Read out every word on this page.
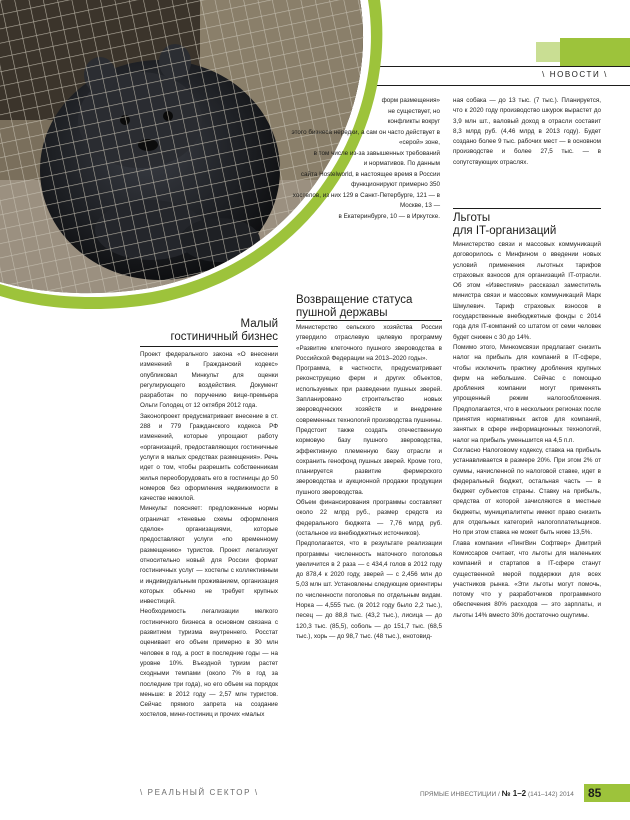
\ НОВОСТИ \
Малый
гостиничный бизнес

Проект федерального закона «О внесении изменений в Гражданский кодекс» опубликовал Минкульт для оценки регулирующего воздействия. Документ разработан по поручению вице-премьера Ольги Голодец от 12 октября 2012 года.

Законопроект предусматривает внесение в ст. 288 и 779 Гражданского кодекса РФ изменений, которые упрощают работу «организаций, предоставляющих гостиничные услуги в малых средствах размещения». Речь идет о том, чтобы разрешить собственникам жилья переоборудовать его в гостиницы до 50 номеров без оформления недвижимости в качестве нежилой.

Минкульт поясняет: предложенные нормы ограничат «теневые схемы оформления сделок» организациями, которые предоставляют услуги «по временному размещению» туристов. Проект легализует относительно новый для России формат гостиничных услуг — хостелы с коллективным и индивидуальным проживанием, организация которых обычно не требует крупных инвестиций.

Необходимость легализации мелкого гостиничного бизнеса в основном связана с развитием туризма внутреннего. Росстат оценивает его объем примерно в 30 млн человек в год, а рост в последние годы — на уровне 10%. Въездной туризм растет сходными темпами (около 7% в год за последние три года), но его объем на порядок меньше: в 2012 году — 2,57 млн туристов. Сейчас прямого запрета на создание хостелов, мини-гостиниц и прочих «малых

форм размещения»
не существует, но
конфликты вокруг
этого бизнеса нередки, а сам он часто действует в «серой» зоне,
в том числе из-за завышенных требований
и нормативов. По данным
сайта Hostelworld, в настоящее время в России
функционируют примерно 350
хостелов, из них 129 в Санкт-Петербурге, 121 — в Москве, 13 —
в Екатеринбурге, 10 — в Иркутске.
Возвращение статуса
пушной державы

Министерство сельского хозяйства России утвердило отраслевую целевую программу «Развитие клеточного пушного звероводства в Российской Федерации на 2013–2020 годы».

Программа, в частности, предусматривает реконструкцию ферм и других объектов, используемых при разведении пушных зверей. Запланировано строительство новых звероводческих хозяйств и внедрение современных технологий производства пушнины. Предстоит также создать отечественную кормовую базу пушного звероводства, эффективную племенную базу отрасли и сохранить генофонд пушных зверей. Кроме того, планируется развитие фермерского звероводства и аукционной продажи продукции пушного звероводства.

Объем финансирования программы составляет около 22 млрд руб., размер средств из федерального бюджета — 7,76 млрд руб. (остальное из внебюджетных источников).

Предполагается, что в результате реализации программы численность маточного поголовья увеличится в 2 раза — с 434,4 голов в 2012 году до 878,4 к 2020 году, зверей — с 2,456 млн до 5,03 млн шт. Установлены следующие ориентиры по численности поголовья по отдельным видам. Норка — 4,555 тыс. (в 2012 году было 2,2 тыс.), песец — до 88,8 тыс. (43,2 тыс.), лисица — до 120,3 тыс. (85,5), соболь — до 151,7 тыс. (68,5 тыс.), хорь — до 98,7 тыс. (48 тыс.), енотовид-

ная собака — до 13 тыс. (7 тыс.). Планируется, что к 2020 году производство шкурок вырастет до 3,9 млн шт., валовый доход в отрасли составит 8,3 млрд руб. (4,46 млрд в 2013 году). Будет создано более 9 тыс. рабочих мест — в основном производстве и более 27,5 тыс. — в сопутствующих отраслях.

Льготы
для IT-организаций

Министерство связи и массовых коммуникаций договорилось с Минфином о введении новых условий применения льготных тарифов страховых взносов для организаций IT-отрасли. Об этом «Известиям» рассказал заместитель министра связи и массовых коммуникаций Марк Шмулевич. Тариф страховых взносов в государственные внебюджетные фонды с 2014 года для IT-компаний со штатом от семи человек будет снижен с 30 до 14%.

Помимо этого, Минкомсвязи предлагает снизить налог на прибыль для компаний в IT-сфере, чтобы исключить практику дробления крупных фирм на небольшие. Сейчас с помощью дробления компании могут применять упрощенный режим налогообложения. Предполагается, что в нескольких регионах после принятия нормативных актов для компаний, занятых в сфере информационных технологий, налог на прибыль уменьшится на 4,5 п.п.

Согласно Налоговому кодексу, ставка на прибыль устанавливается в размере 20%. При этом 2% от суммы, начисленной по налоговой ставке, идет в федеральный бюджет, остальная часть — в бюджет субъектов страны. Ставку на прибыль, средства от которой зачисляются в местные бюджеты, муниципалитеты имеют право снизить для отдельных категорий налогоплательщиков. Но при этом ставка не может быть ниже 13,5%.

Глава компании «ПингВин Софтвер» Дмитрий Комиссаров считает, что льготы для маленьких компаний и стартапов в IT-сфере станут существенной мерой поддержки для всех участников рынка. «Эти льготы могут помочь, потому что у разработчиков программного обеспечения 80% расходов — это зарплаты, и льготы 14% вместо 30% достаточно ощутимы.

\ РЕАЛЬНЫЙ СЕКТОР \	ПРЯМЫЕ ИНВЕСТИЦИИ / № 1–2 (141–142) 2014 85
